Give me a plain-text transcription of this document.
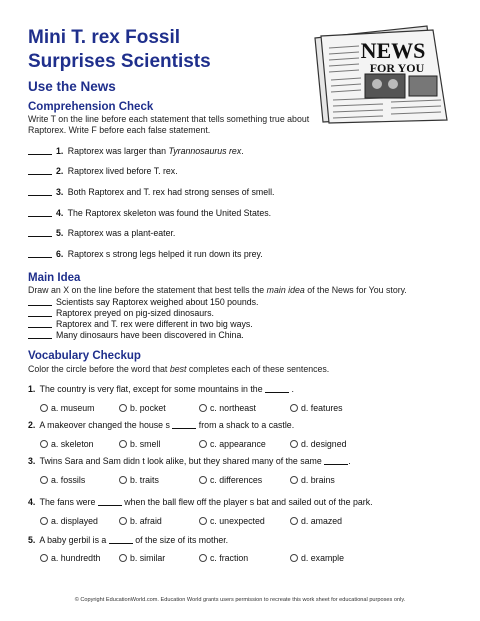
Mini T. rex Fossil
Surprises Scientists
Use the News
NEWS
FOR YOU
Comprehension Check
Write T on the line before each statement that tells something true about Raptorex. Write F before each false statement.
1. Raptorex was larger than Tyrannosaurus rex.
2. Raptorex lived before T. rex.
3. Both Raptorex and T. rex had strong senses of smell.
4. The Raptorex skeleton was found the United States.
5. Raptorex was a plant-eater.
6. Raptorex s strong legs helped it run down its prey.
Main Idea
Draw an X on the line before the statement that best tells the main idea of the News for You story.
Scientists say Raptorex weighed about 150 pounds.
Raptorex preyed on pig-sized dinosaurs.
Raptorex and T. rex were different in two big ways.
Many dinosaurs have been discovered in China.
Vocabulary Checkup
Color the circle before the word that best completes each of these sentences.
1. The country is very flat, except for some mountains in the	.
a. museum	b. pocket	c. northeast	d. features
2. A makeover changed the house s	from a shack to a castle.
a. skeleton	b. smell	c. appearance	d. designed
3. Twins Sara and Sam didn t look alike, but they shared many of the same	.
a. fossils	b. traits	c. differences	d. brains
4. The fans were	when the ball flew off the player s bat and sailed out of the park.
a. displayed	b. afraid	c. unexpected	d. amazed
5. A baby gerbil is a	of the size of its mother.
a. hundredth	b. similar	c. fraction	d. example
© Copyright EducationWorld.com. Education World grants users permission to recreate this work sheet for educational purposes only.
